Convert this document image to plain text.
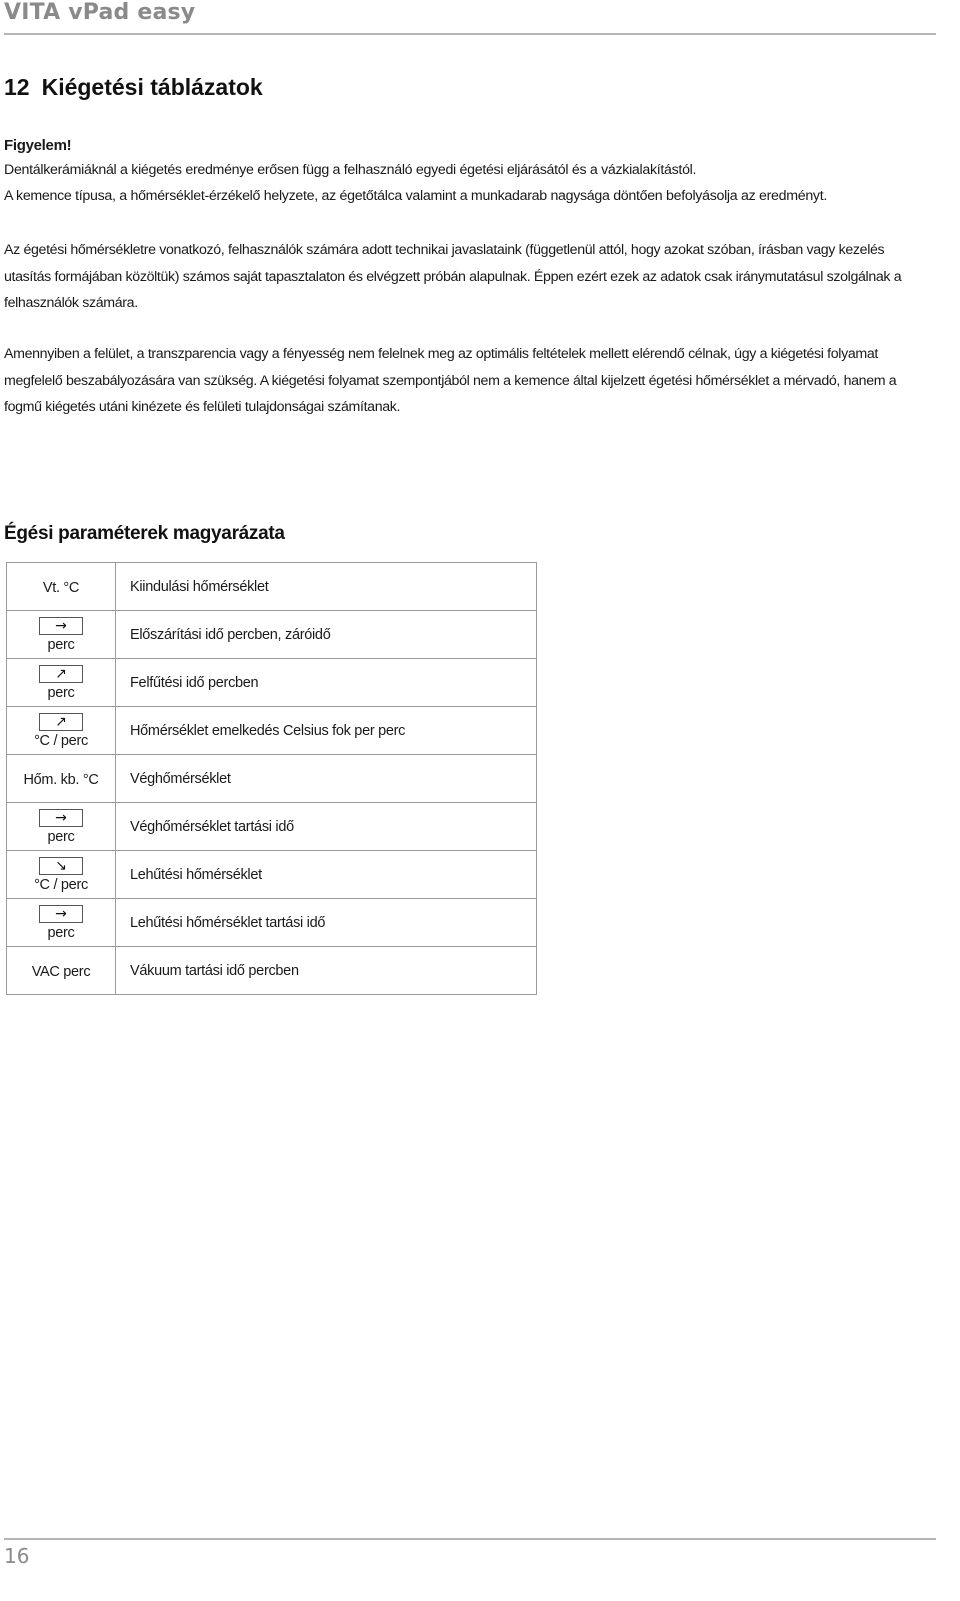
VITA vPad easy
12 Kiégetési táblázatok
Figyelem!
Dentálkerámiáknál a kiégetés eredménye erősen függ a felhasználó egyedi égetési eljárásától és a vázkialakítástól.
A kemence típusa, a hőmérséklet-érzékelő helyzete, az égetőtálca valamint a munkadarab nagysága döntően befolyásolja az eredményt.

Az égetési hőmérsékletre vonatkozó, felhasználók számára adott technikai javaslataink (függetlenül attól, hogy azokat szóban, írásban vagy kezelés utasítás formájában közöltük) számos saját tapasztalaton és elvégzett próbán alapulnak. Éppen ezért ezek az adatok csak iránymutatásul szolgálnak a felhasználók számára.

Amennyiben a felület, a transzparencia vagy a fényesség nem felelnek meg az optimális feltételek mellett elérendő célnak, úgy a kiégetési folyamat megfelelő beszabályozására van szükség. A kiégetési folyamat szempontjából nem a kemence által kijelzett égetési hőmérséklet a mérvadó, hanem a fogmű kiégetés utáni kinézete és felületi tulajdonságai számítanak.

Égési paraméterek magyarázata
Vt. °C	Kiindulási hőmérséklet

→
perc	Előszárítási idő percben, záróidő

↗
perc	Felfűtési idő percben

↗
°C / perc	Hőmérséklet emelkedés Celsius fok per perc

Hőm. kb. °C	Véghőmérséklet

→
perc	Véghőmérséklet tartási idő

↘
°C / perc	Lehűtési hőmérséklet

→
perc	Lehűtési hőmérséklet tartási idő

VAC perc	Vákuum tartási idő percben
16
